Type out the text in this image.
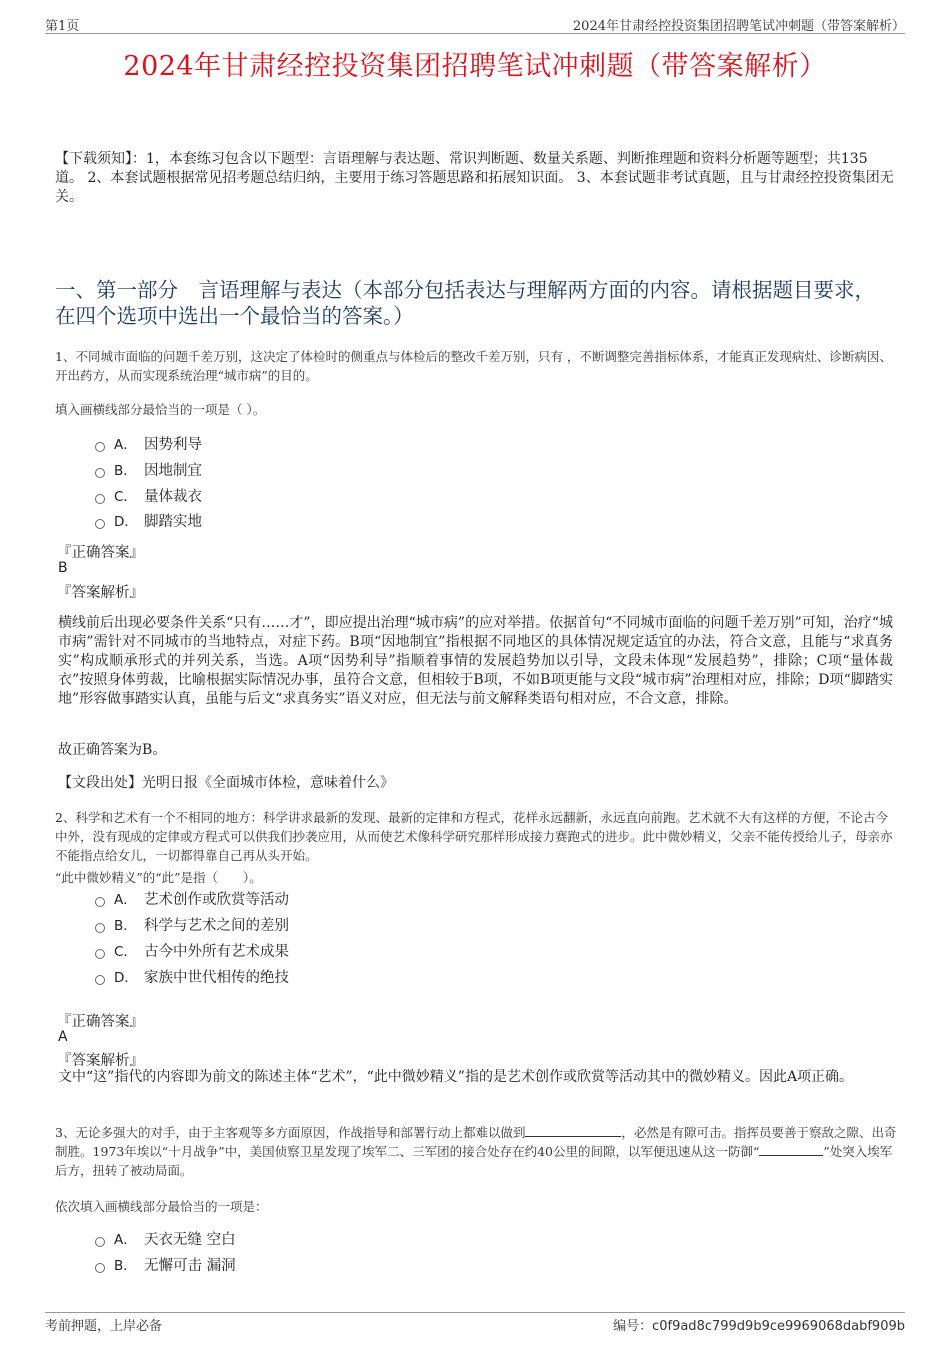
第1页	2024年甘肃经控投资集团招聘笔试冲刺题（带答案解析）
2024年甘肃经控投资集团招聘笔试冲刺题（带答案解析）
【下载须知】：1，本套练习包含以下题型：言语理解与表达题、常识判断题、数量关系题、判断推理题和资料分析题等题型；共135道。 2、本套试题根据常见招考题总结归纳，主要用于练习答题思路和拓展知识面。 3、本套试题非考试真题，且与甘肃经控投资集团无关。
一、第一部分　言语理解与表达（本部分包括表达与理解两方面的内容。请根据题目要求，在四个选项中选出一个最恰当的答案。）
1、不同城市面临的问题千差万别，这决定了体检时的侧重点与体检后的整改千差万别，只有 ，不断调整完善指标体系，才能真正发现病灶、诊断病因、开出药方，从而实现系统治理“城市病”的目的。
填入画横线部分最恰当的一项是（ ）。
A． 因势利导
B． 因地制宜
C． 量体裁衣
D． 脚踏实地
『正确答案』
B
『答案解析』
横线前后出现必要条件关系“只有……才”，即应提出治理“城市病”的应对举措。依据首句“不同城市面临的问题千差万别”可知，治疗“城市病”需针对不同城市的当地特点，对症下药。B项“因地制宜”指根据不同地区的具体情况规定适宜的办法，符合文意，且能与“求真务实”构成顺承形式的并列关系，当选。A项“因势利导”指顺着事情的发展趋势加以引导，文段未体现“发展趋势”，排除；C项“量体裁衣”按照身体剪裁，比喻根据实际情况办事，虽符合文意，但相较于B项，不如B项更能与文段“城市病”治理相对应，排除；D项“脚踏实地”形容做事踏实认真，虽能与后文“求真务实”语义对应，但无法与前文解释类语句相对应，不合文意，排除。
故正确答案为B。
【文段出处】光明日报《全面城市体检，意味着什么》
2、科学和艺术有一个不相同的地方：科学讲求最新的发现、最新的定律和方程式，花样永远翻新，永远直向前跑。艺术就不大有这样的方便，不论古今中外，没有现成的定律或方程式可以供我们抄袭应用，从而使艺术像科学研究那样形成接力赛跑式的进步。此中微妙精义，父亲不能传授给儿子，母亲亦不能指点给女儿，一切都得靠自己再从头开始。
“此中微妙精义”的“此”是指（　　）。
A． 艺术创作或欣赏等活动
B． 科学与艺术之间的差别
C． 古今中外所有艺术成果
D． 家族中世代相传的绝技
『正确答案』
A
『答案解析』
文中“这”指代的内容即为前文的陈述主体“艺术”，“此中微妙精义”指的是艺术创作或欣赏等活动其中的微妙精义。因此A项正确。
3、无论多强大的对手，由于主客观等多方面原因，作战指导和部署行动上都难以做到	，必然是有隙可击。指挥员要善于察敌之隙、出奇制胜。1973年埃以“十月战争”中，美国侦察卫星发现了埃军二、三军团的接合处存在约40公里的间隙，以军便迅速从这一防御“	”处突入埃军后方，扭转了被动局面。
依次填入画横线部分最恰当的一项是：
A． 天衣无缝 空白
B． 无懈可击 漏洞
考前押题，上岸必备	编号：c0f9ad8c799d9b9ce9969068dabf909b
